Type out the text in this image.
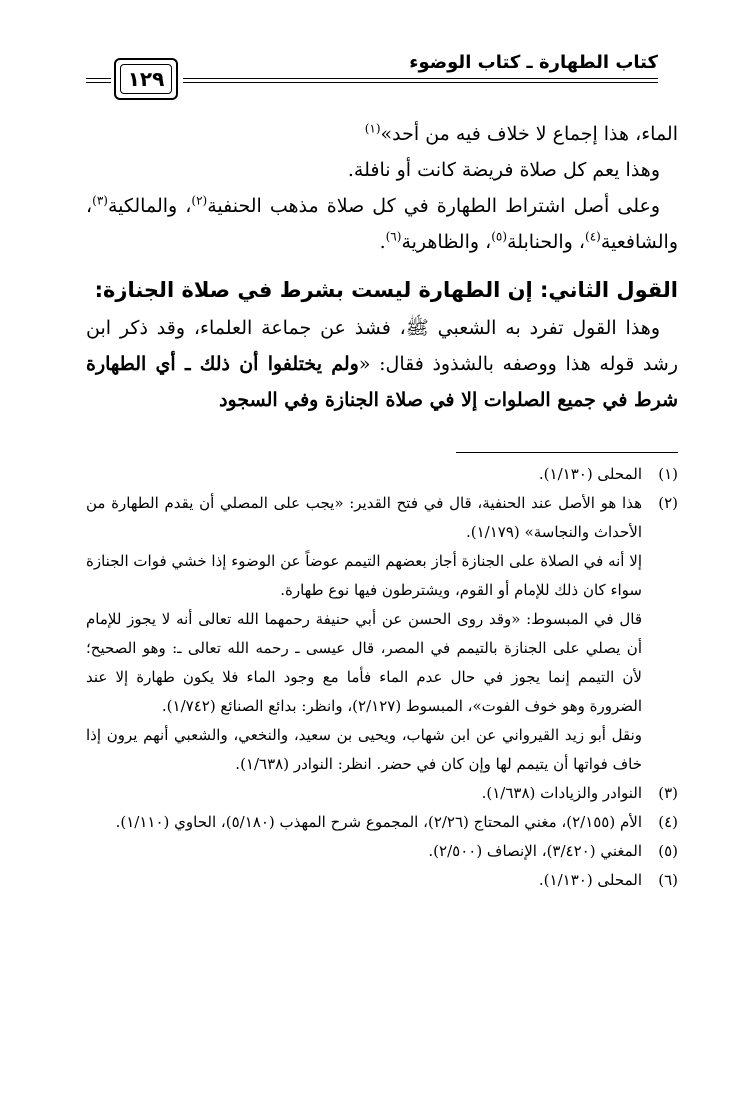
كتاب الطهارة ـ كتاب الوضوء
١٢٩

الماء، هذا إجماع لا خلاف فيه من أحد»$^{(١)}$

وهذا يعم كل صلاة فريضة كانت أو نافلة.

وعلى أصل اشتراط الطهارة في كل صلاة مذهب الحنفية$^{(٢)}$، والمالكية$^{(٣)}$، والشافعية$^{(٤)}$، والحنابلة$^{(٥)}$، والظاهرية$^{(٦)}$.

القول الثاني: إن الطهارة ليست بشرط في صلاة الجنازة:

وهذا القول تفرد به الشعبي ﷺ، فشذ عن جماعة العلماء، وقد ذكر ابن رشد قوله هذا ووصفه بالشذوذ فقال: «ولم يختلفوا أن ذلك ـ أي الطهارة شرط في جميع الصلوات إلا في صلاة الجنازة وفي السجود

(١)

المحلى (١/١٣٠).

(٢)

هذا هو الأصل عند الحنفية، قال في فتح القدير: «يجب على المصلي أن يقدم الطهارة من الأحداث والنجاسة» (١/١٧٩).

إلا أنه في الصلاة على الجنازة أجاز بعضهم التيمم عوضاً عن الوضوء إذا خشي فوات الجنازة سواء كان ذلك للإمام أو القوم، ويشترطون فيها نوع طهارة.

قال في المبسوط: «وقد روى الحسن عن أبي حنيفة رحمهما الله تعالى أنه لا يجوز للإمام أن يصلي على الجنازة بالتيمم في المصر، قال عيسى ـ رحمه الله تعالى ـ: وهو الصحيح؛ لأن التيمم إنما يجوز في حال عدم الماء فأما مع وجود الماء فلا يكون طهارة إلا عند الضرورة وهو خوف الفوت»، المبسوط (٢/١٢٧)، وانظر: بدائع الصنائع (١/٧٤٢).

ونقل أبو زيد القيرواني عن ابن شهاب، ويحيى بن سعيد، والنخعي، والشعبي أنهم يرون إذا خاف فواتها أن يتيمم لها وإن كان في حضر. انظر: النوادر (١/٦٣٨).

(٣)

النوادر والزيادات (١/٦٣٨).

(٤)

الأم (٢/١٥٥)، مغني المحتاج (٢/٢٦)، المجموع شرح المهذب (٥/١٨٠)، الحاوي (١/١١٠).

(٥)

المغني (٣/٤٢٠)، الإنصاف (٢/٥٠٠).

(٦)

المحلى (١/١٣٠).
